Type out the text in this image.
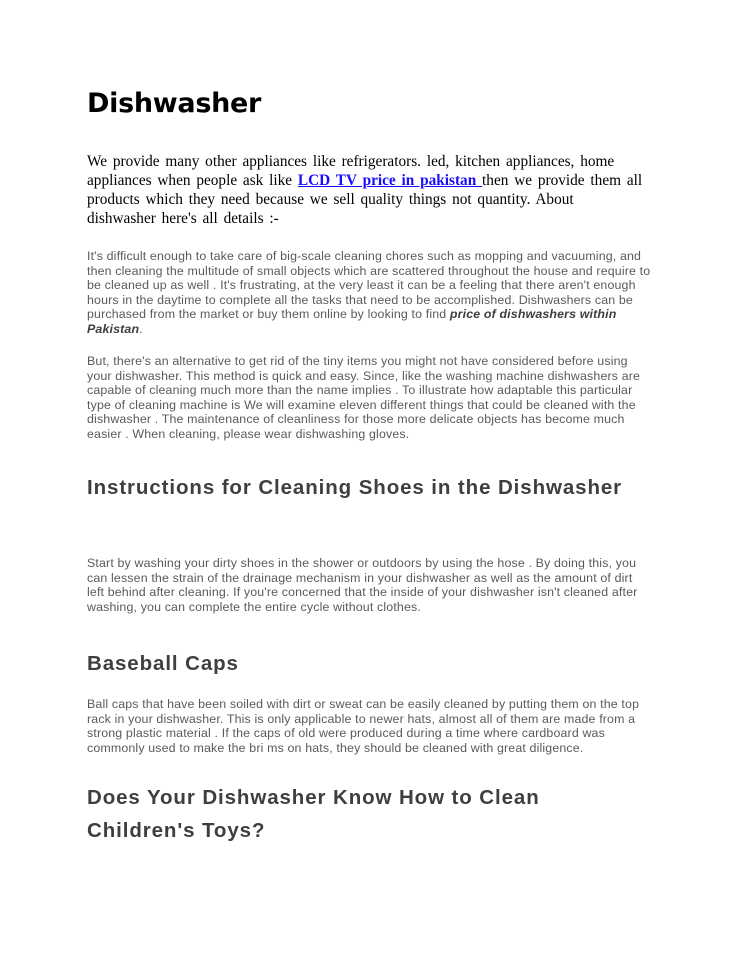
Dishwasher

We provide many other appliances like refrigerators. led, kitchen appliances, home appliances when people ask like LCD TV price in pakistan then we provide them all products which they need because we sell quality things not quantity. About dishwasher here's all details :-

It's difficult enough to take care of big-scale cleaning chores such as mopping and vacuuming, and then cleaning the multitude of small objects which are scattered throughout the house and require to be cleaned up as well . It's frustrating, at the very least it can be a feeling that there aren't enough hours in the daytime to complete all the tasks that need to be accomplished. Dishwashers can be purchased from the market or buy them online by looking to find price of dishwashers within Pakistan.

But, there's an alternative to get rid of the tiny items you might not have considered before using your dishwasher. This method is quick and easy. Since, like the washing machine dishwashers are capable of cleaning much more than the name implies . To illustrate how adaptable this particular type of cleaning machine is We will examine eleven different things that could be cleaned with the dishwasher . The maintenance of cleanliness for those more delicate objects has become much easier . When cleaning, please wear dishwashing gloves.

Instructions for Cleaning Shoes in the Dishwasher

Start by washing your dirty shoes in the shower or outdoors by using the hose . By doing this, you can lessen the strain of the drainage mechanism in your dishwasher as well as the amount of dirt left behind after cleaning. If you're concerned that the inside of your dishwasher isn't cleaned after washing, you can complete the entire cycle without clothes.

Baseball Caps

Ball caps that have been soiled with dirt or sweat can be easily cleaned by putting them on the top rack in your dishwasher. This is only applicable to newer hats, almost all of them are made from a strong plastic material . If the caps of old were produced during a time where cardboard was commonly used to make the bri ms on hats, they should be cleaned with great diligence.

Does Your Dishwasher Know How to Clean Children's Toys?
